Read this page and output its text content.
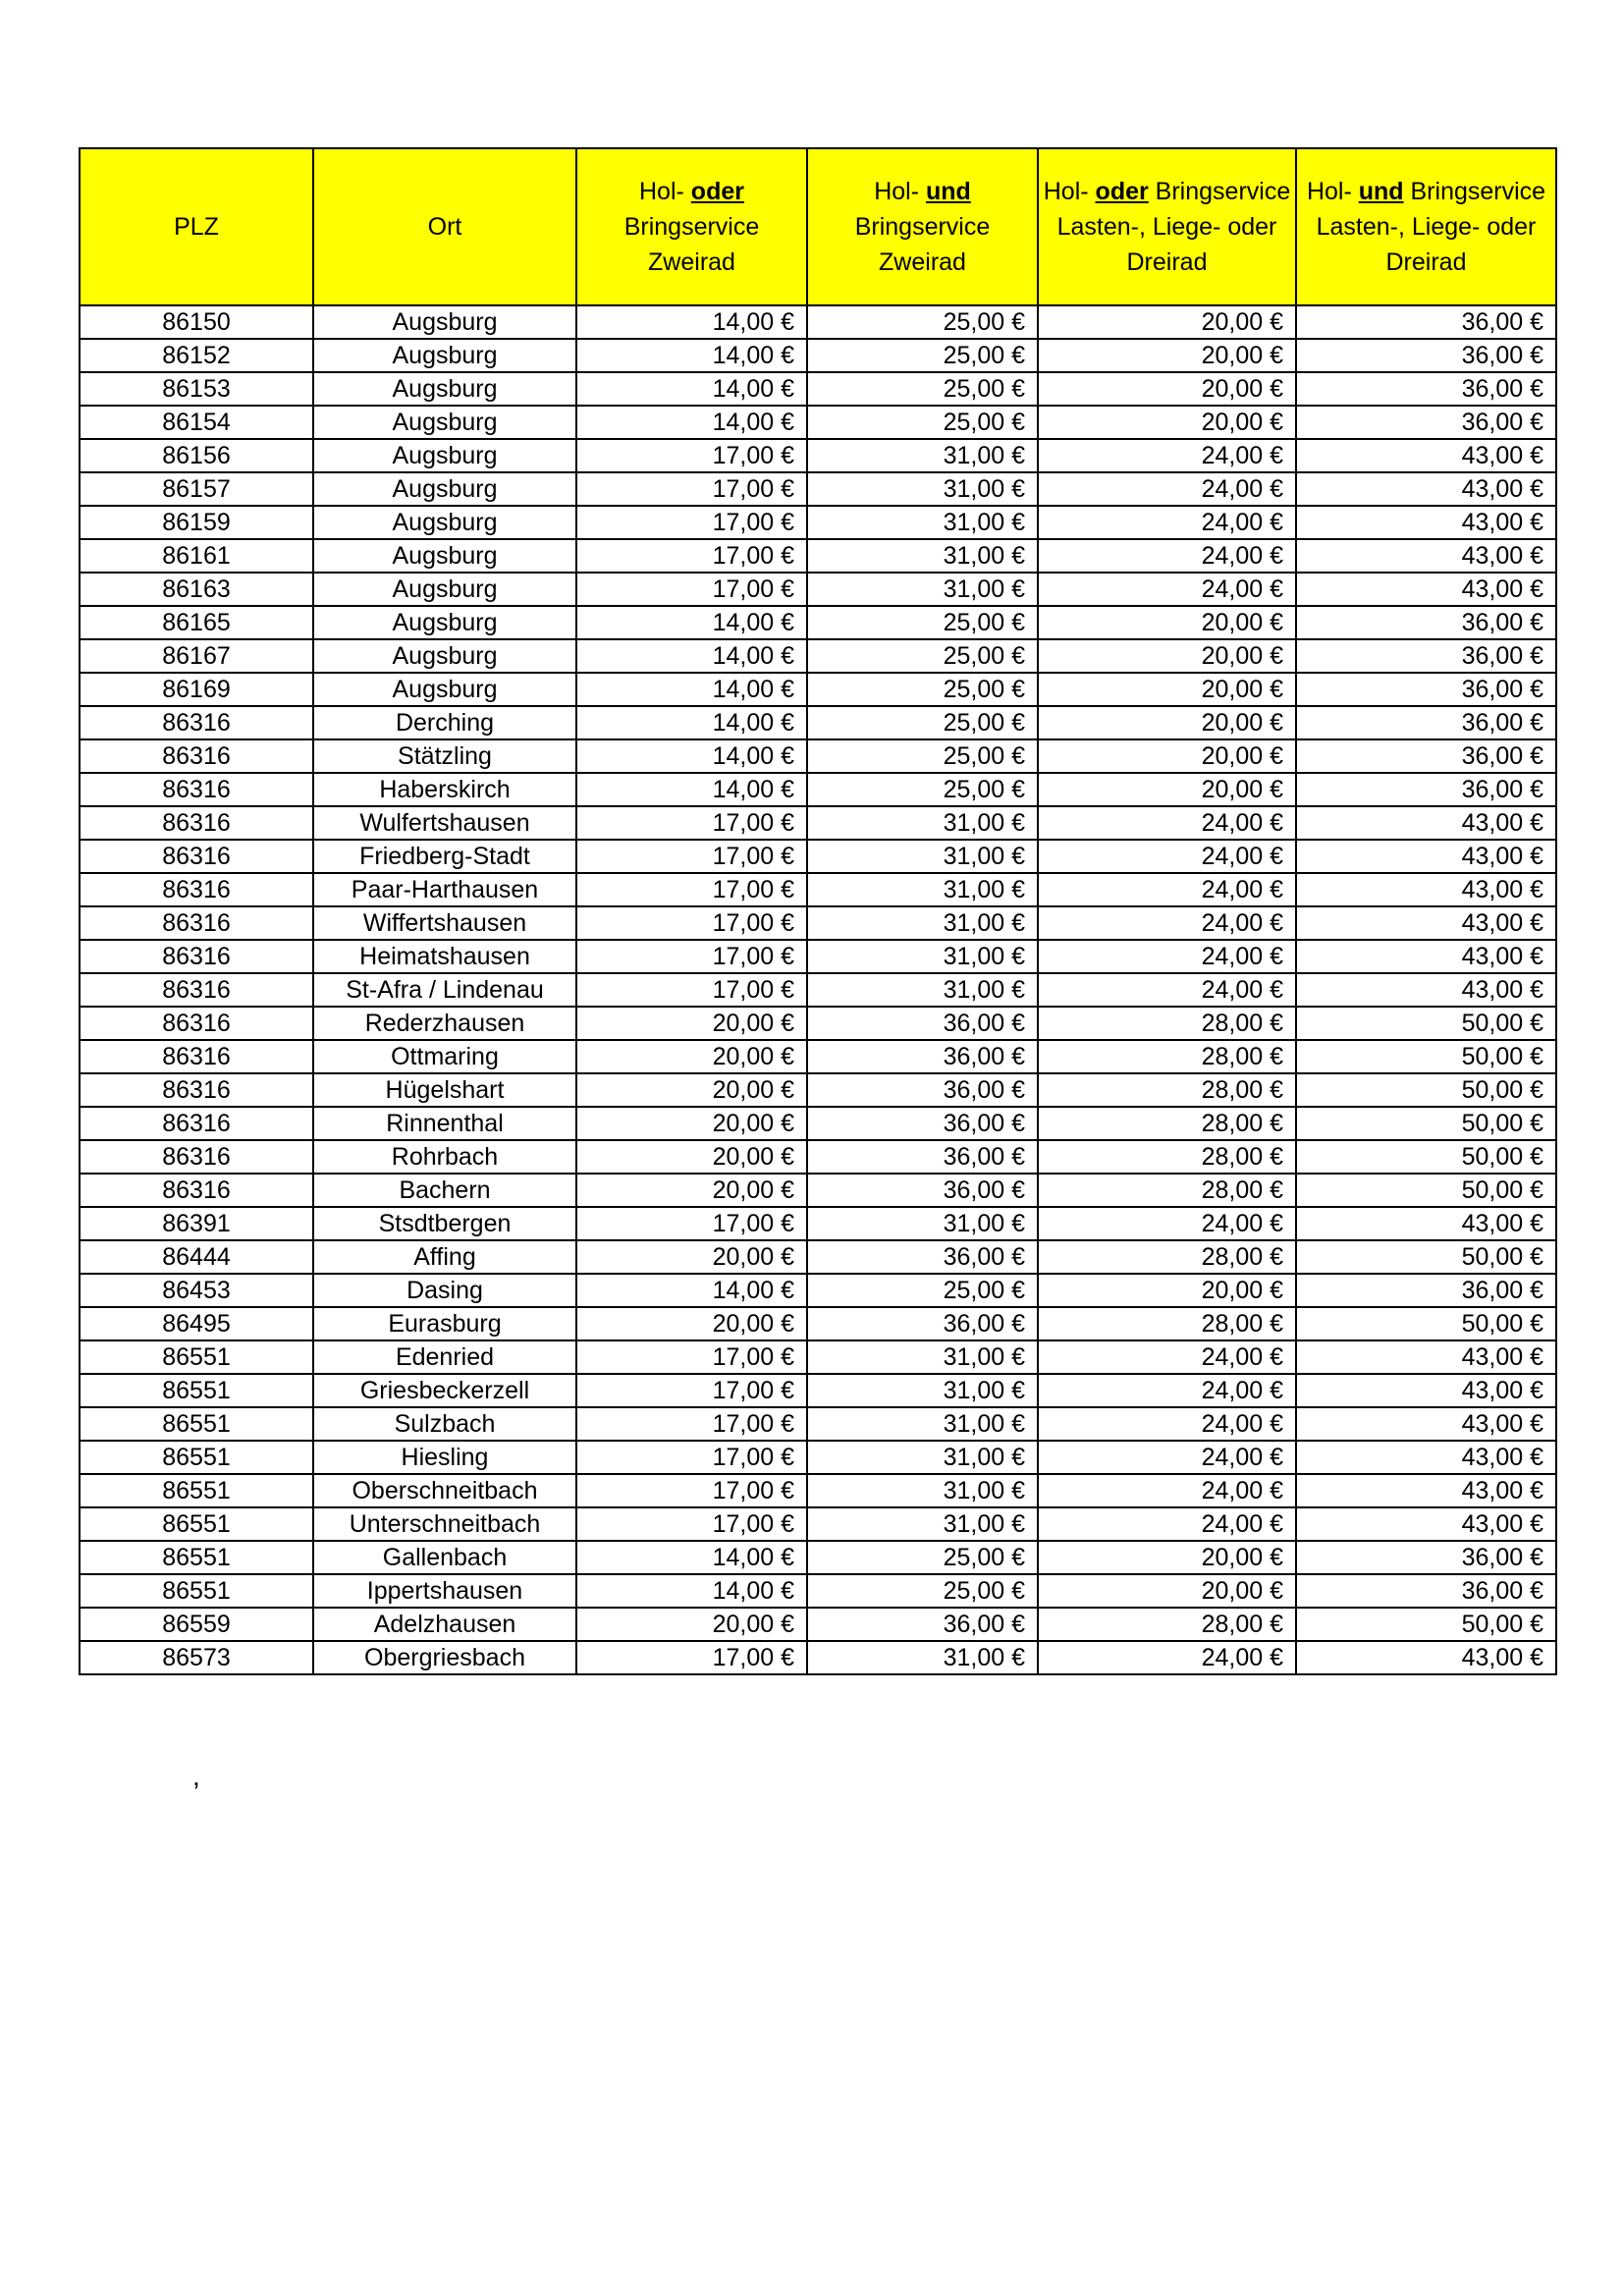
PLZ	Ort	Hol- oder
Bringservice
Zweirad	Hol- und
Bringservice
Zweirad	Hol- oder Bringservice
Lasten-, Liege- oder
Dreirad	Hol- und Bringservice
Lasten-, Liege- oder
Dreirad

86150	Augsburg	14,00 €	25,00 €	20,00 €	36,00 €
86152	Augsburg	14,00 €	25,00 €	20,00 €	36,00 €
86153	Augsburg	14,00 €	25,00 €	20,00 €	36,00 €
86154	Augsburg	14,00 €	25,00 €	20,00 €	36,00 €
86156	Augsburg	17,00 €	31,00 €	24,00 €	43,00 €
86157	Augsburg	17,00 €	31,00 €	24,00 €	43,00 €
86159	Augsburg	17,00 €	31,00 €	24,00 €	43,00 €
86161	Augsburg	17,00 €	31,00 €	24,00 €	43,00 €
86163	Augsburg	17,00 €	31,00 €	24,00 €	43,00 €
86165	Augsburg	14,00 €	25,00 €	20,00 €	36,00 €
86167	Augsburg	14,00 €	25,00 €	20,00 €	36,00 €
86169	Augsburg	14,00 €	25,00 €	20,00 €	36,00 €
86316	Derching	14,00 €	25,00 €	20,00 €	36,00 €
86316	Stätzling	14,00 €	25,00 €	20,00 €	36,00 €
86316	Haberskirch	14,00 €	25,00 €	20,00 €	36,00 €
86316	Wulfertshausen	17,00 €	31,00 €	24,00 €	43,00 €
86316	Friedberg-Stadt	17,00 €	31,00 €	24,00 €	43,00 €
86316	Paar-Harthausen	17,00 €	31,00 €	24,00 €	43,00 €
86316	Wiffertshausen	17,00 €	31,00 €	24,00 €	43,00 €
86316	Heimatshausen	17,00 €	31,00 €	24,00 €	43,00 €
86316	St-Afra / Lindenau	17,00 €	31,00 €	24,00 €	43,00 €
86316	Rederzhausen	20,00 €	36,00 €	28,00 €	50,00 €
86316	Ottmaring	20,00 €	36,00 €	28,00 €	50,00 €
86316	Hügelshart	20,00 €	36,00 €	28,00 €	50,00 €
86316	Rinnenthal	20,00 €	36,00 €	28,00 €	50,00 €
86316	Rohrbach	20,00 €	36,00 €	28,00 €	50,00 €
86316	Bachern	20,00 €	36,00 €	28,00 €	50,00 €
86391	Stsdtbergen	17,00 €	31,00 €	24,00 €	43,00 €
86444	Affing	20,00 €	36,00 €	28,00 €	50,00 €
86453	Dasing	14,00 €	25,00 €	20,00 €	36,00 €
86495	Eurasburg	20,00 €	36,00 €	28,00 €	50,00 €
86551	Edenried	17,00 €	31,00 €	24,00 €	43,00 €
86551	Griesbeckerzell	17,00 €	31,00 €	24,00 €	43,00 €
86551	Sulzbach	17,00 €	31,00 €	24,00 €	43,00 €
86551	Hiesling	17,00 €	31,00 €	24,00 €	43,00 €
86551	Oberschneitbach	17,00 €	31,00 €	24,00 €	43,00 €
86551	Unterschneitbach	17,00 €	31,00 €	24,00 €	43,00 €
86551	Gallenbach	14,00 €	25,00 €	20,00 €	36,00 €
86551	Ippertshausen	14,00 €	25,00 €	20,00 €	36,00 €
86559	Adelzhausen	20,00 €	36,00 €	28,00 €	50,00 €
86573	Obergriesbach	17,00 €	31,00 €	24,00 €	43,00 €
,
